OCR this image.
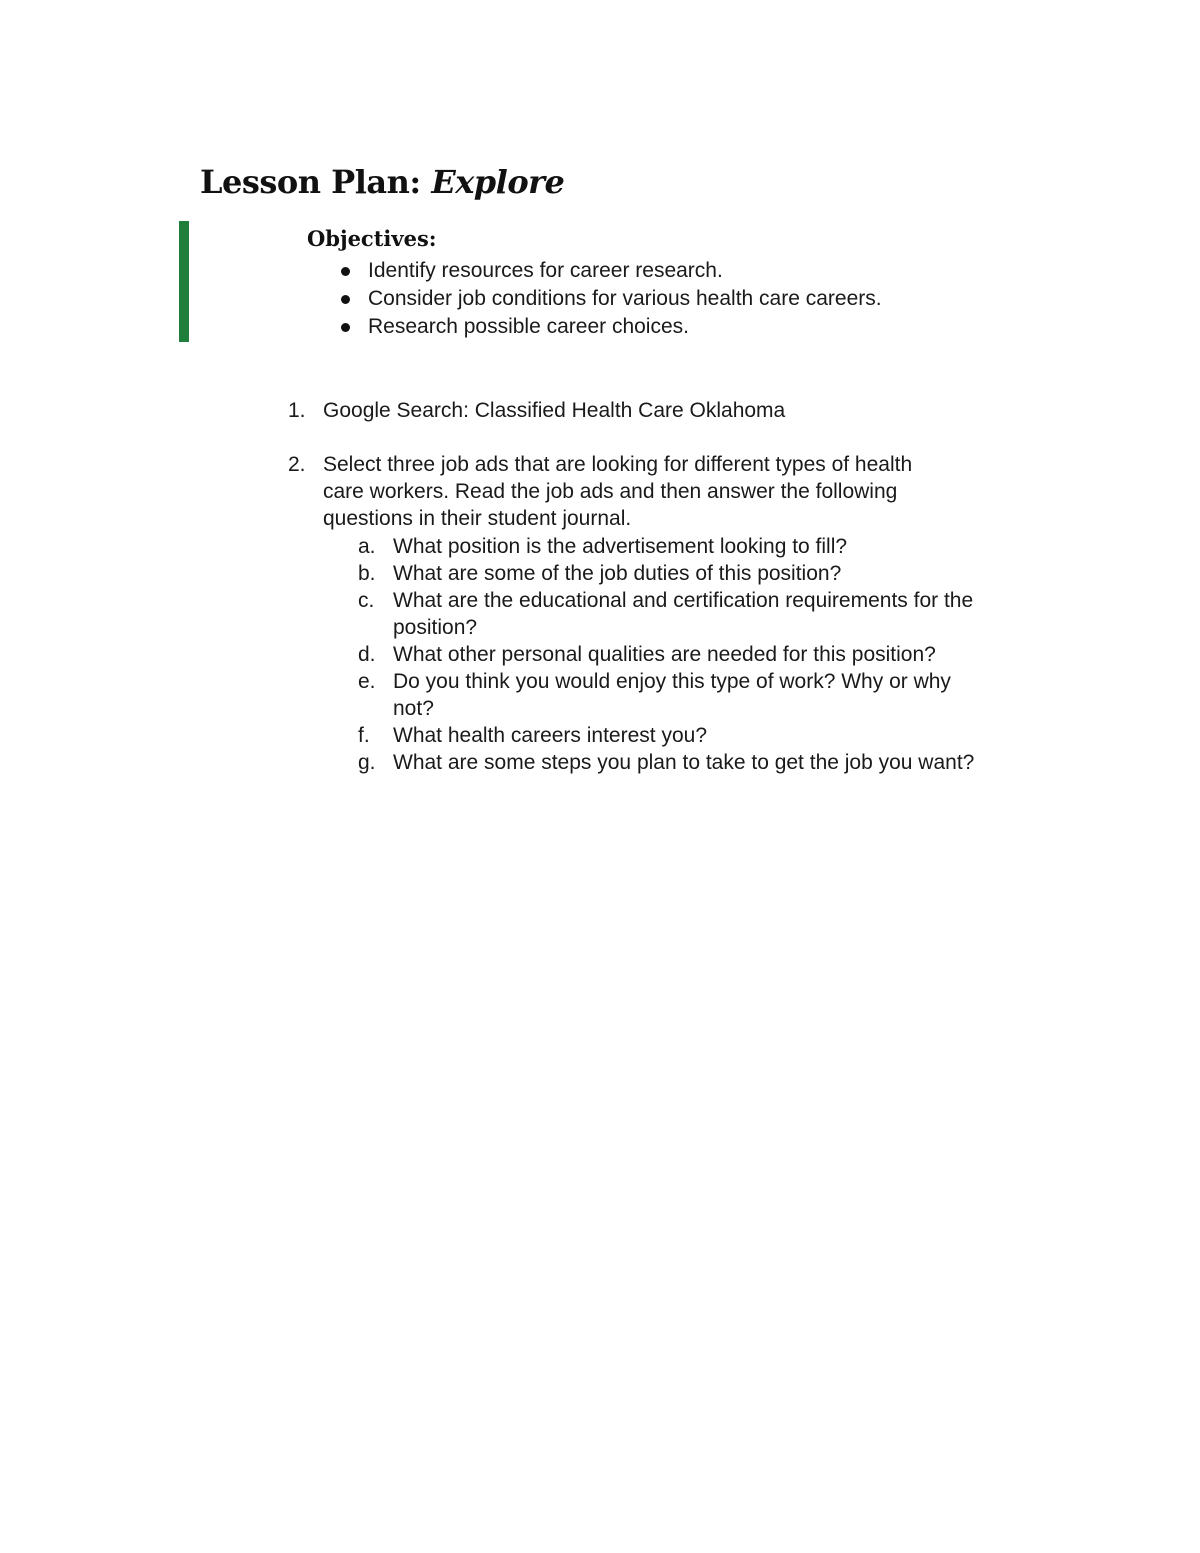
Lesson Plan: Explore
Objectives:
Identify resources for career research.
Consider job conditions for various health care careers.
Research possible career choices.
1. Google Search: Classified Health Care Oklahoma
2. Select three job ads that are looking for different types of health
care workers. Read the job ads and then answer the following
questions in their student journal.
a. What position is the advertisement looking to fill?
b. What are some of the job duties of this position?
c. What are the educational and certification requirements for the
position?
d. What other personal qualities are needed for this position?
e. Do you think you would enjoy this type of work? Why or why
not?
f. What health careers interest you?
g. What are some steps you plan to take to get the job you want?
